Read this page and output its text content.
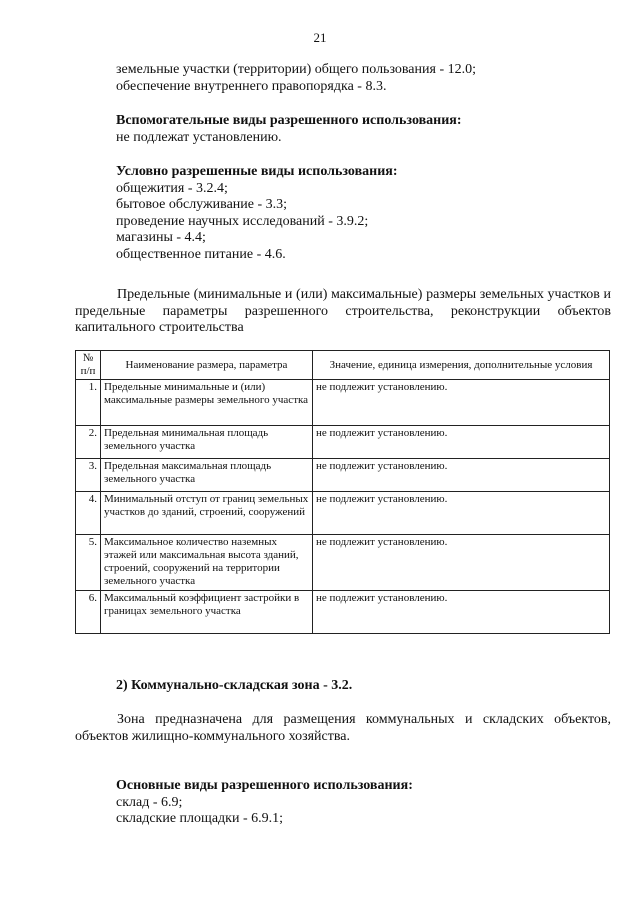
21
земельные участки (территории) общего пользования - 12.0;
обеспечение внутреннего правопорядка - 8.3.
Вспомогательные виды разрешенного использования:
не подлежат установлению.
Условно разрешенные виды использования:
общежития - 3.2.4;
бытовое обслуживание - 3.3;
проведение научных исследований - 3.9.2;
магазины - 4.4;
общественное питание - 4.6.
Предельные (минимальные и (или) максимальные) размеры земельных участков и предельные параметры разрешенного строительства, реконструкции объектов капитального строительства
№ п/п	Наименование размера, параметра	Значение, единица измерения, дополнительные условия
1.	Предельные минимальные и (или) максимальные размеры земельного участка	не подлежит установлению.
2.	Предельная минимальная площадь земельного участка	не подлежит установлению.
3.	Предельная максимальная площадь земельного участка	не подлежит установлению.
4.	Минимальный отступ от границ земельных участков до зданий, строений, сооружений	не подлежит установлению.
5.	Максимальное количество наземных этажей или максимальная высота зданий, строений, сооружений на территории земельного участка	не подлежит установлению.
6.	Максимальный коэффициент застройки в границах земельного участка	не подлежит установлению.
2) Коммунально-складская зона - 3.2.
Зона предназначена для размещения коммунальных и складских объектов, объектов жилищно-коммунального хозяйства.
Основные виды разрешенного использования:
склад - 6.9;
складские площадки - 6.9.1;
